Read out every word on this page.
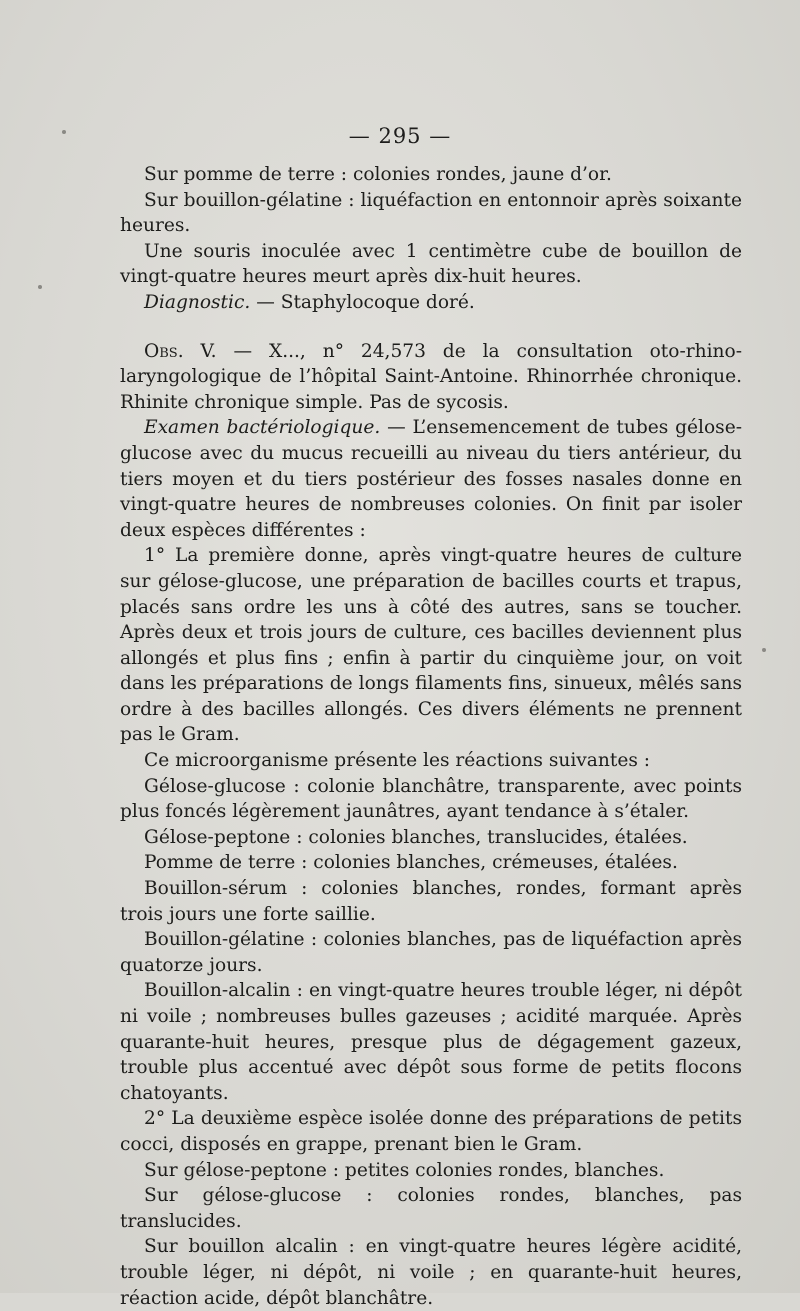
— 295 —

Sur pomme de terre : colonies rondes, jaune d’or.

Sur bouillon-gélatine : liquéfaction en entonnoir après soixante heures.

Une souris inoculée avec 1 centimètre cube de bouillon de vingt-quatre heures meurt après dix-huit heures.

Diagnostic. — Staphylocoque doré.

Obs. V. — X..., n° 24,573 de la consultation oto-rhino-laryngologique de l’hôpital Saint-Antoine. Rhinorrhée chronique. Rhinite chronique simple. Pas de sycosis.

Examen bactériologique. — L’ensemencement de tubes gélose-glucose avec du mucus recueilli au niveau du tiers antérieur, du tiers moyen et du tiers postérieur des fosses nasales donne en vingt-quatre heures de nombreuses colonies. On finit par isoler deux espèces différentes :

1° La première donne, après vingt-quatre heures de culture sur gélose-glucose, une préparation de bacilles courts et trapus, placés sans ordre les uns à côté des autres, sans se toucher. Après deux et trois jours de culture, ces bacilles deviennent plus allongés et plus fins ; enfin à partir du cinquième jour, on voit dans les préparations de longs filaments fins, sinueux, mêlés sans ordre à des bacilles allongés. Ces divers éléments ne prennent pas le Gram.

Ce microorganisme présente les réactions suivantes :

Gélose-glucose : colonie blanchâtre, transparente, avec points plus foncés légèrement jaunâtres, ayant tendance à s’étaler.

Gélose-peptone : colonies blanches, translucides, étalées.

Pomme de terre : colonies blanches, crémeuses, étalées.

Bouillon-sérum : colonies blanches, rondes, formant après trois jours une forte saillie.

Bouillon-gélatine : colonies blanches, pas de liquéfaction après quatorze jours.

Bouillon-alcalin : en vingt-quatre heures trouble léger, ni dépôt ni voile ; nombreuses bulles gazeuses ; acidité marquée. Après quarante-huit heures, presque plus de dégagement gazeux, trouble plus accentué avec dépôt sous forme de petits flocons chatoyants.

2° La deuxième espèce isolée donne des préparations de petits cocci, disposés en grappe, prenant bien le Gram.

Sur gélose-peptone : petites colonies rondes, blanches.

Sur gélose-glucose : colonies rondes, blanches, pas translucides.

Sur bouillon alcalin : en vingt-quatre heures légère acidité, trouble léger, ni dépôt, ni voile ; en quarante-huit heures, réaction acide, dépôt blanchâtre.
